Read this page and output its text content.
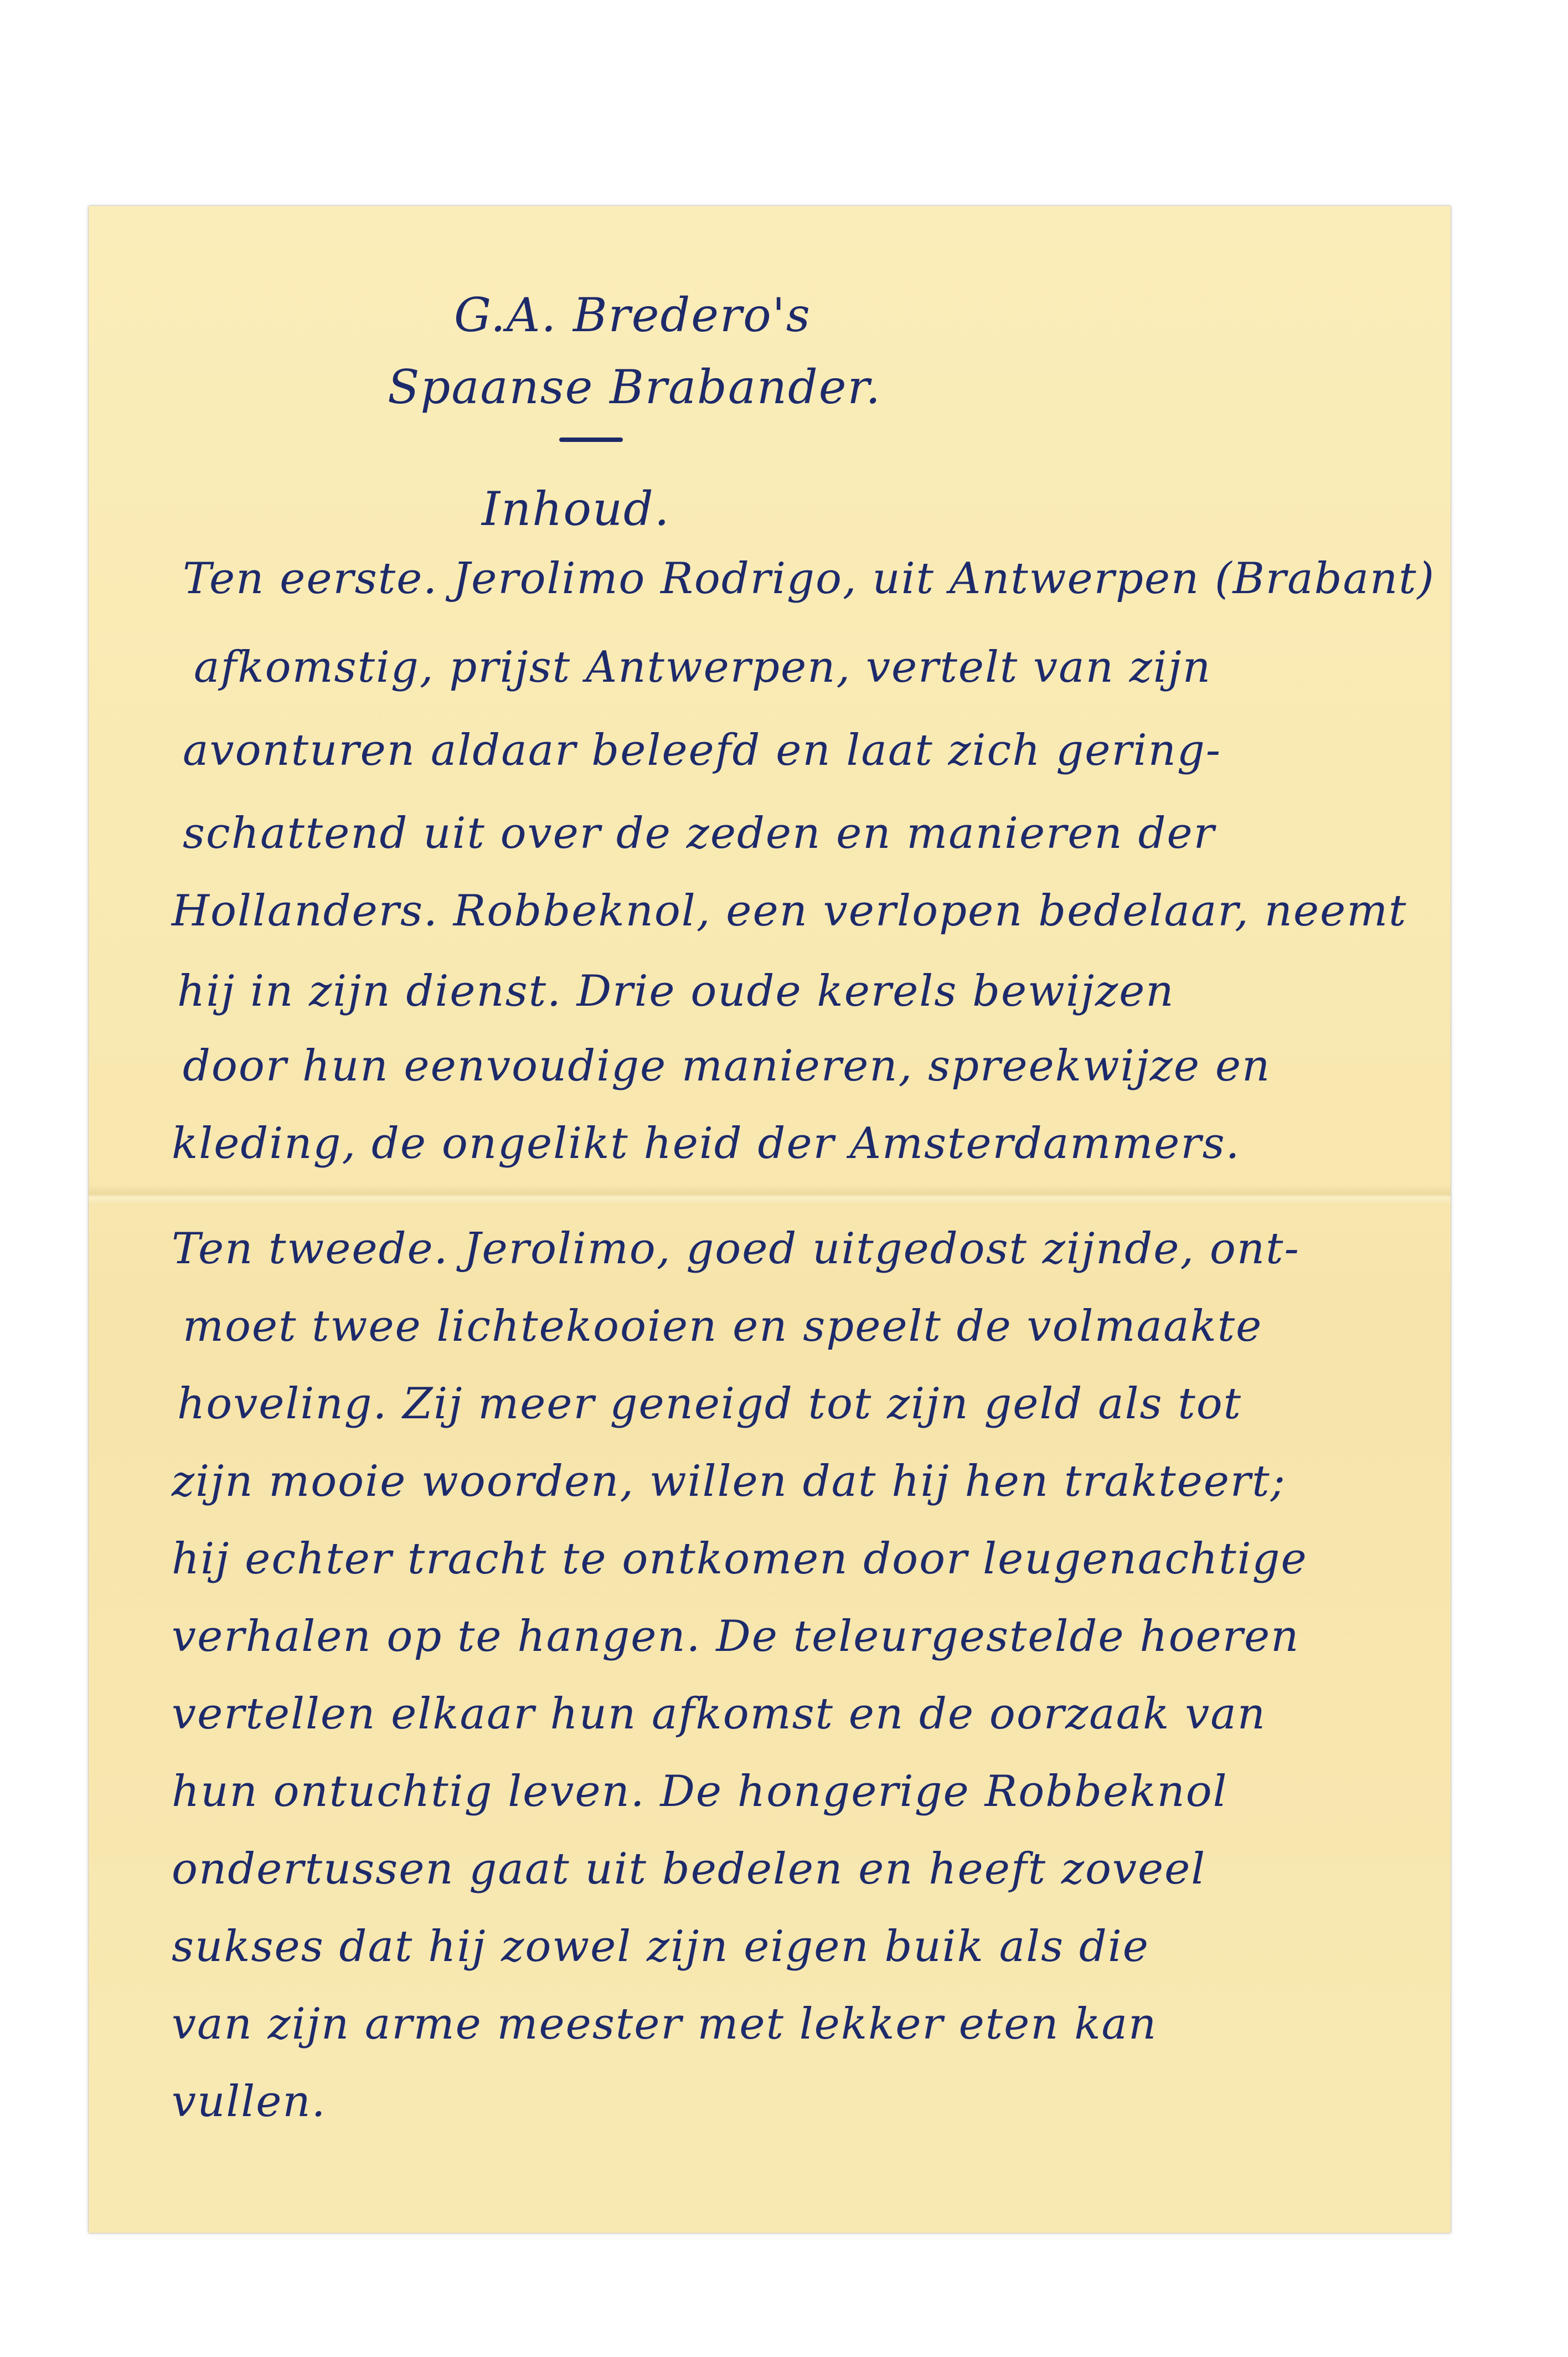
G.A. Bredero's
Spaanse Brabander.
Inhoud.
Ten eerste. Jerolimo Rodrigo, uit Antwerpen (Brabant)
afkomstig, prijst Antwerpen, vertelt van zijn
avonturen aldaar beleefd en laat zich gering-
schattend uit over de zeden en manieren der
Hollanders. Robbeknol, een verlopen bedelaar, neemt
hij in zijn dienst. Drie oude kerels bewijzen
door hun eenvoudige manieren, spreekwijze en
kleding, de ongelikt heid der Amsterdammers.
Ten tweede. Jerolimo, goed uitgedost zijnde, ont-
moet twee lichtekooien en speelt de volmaakte
hoveling. Zij meer geneigd tot zijn geld als tot
zijn mooie woorden, willen dat hij hen trakteert;
hij echter tracht te ontkomen door leugenachtige
verhalen op te hangen. De teleurgestelde hoeren
vertellen elkaar hun afkomst en de oorzaak van
hun ontuchtig leven. De hongerige Robbeknol
ondertussen gaat uit bedelen en heeft zoveel
sukses dat hij zowel zijn eigen buik als die
van zijn arme meester met lekker eten kan
vullen.
